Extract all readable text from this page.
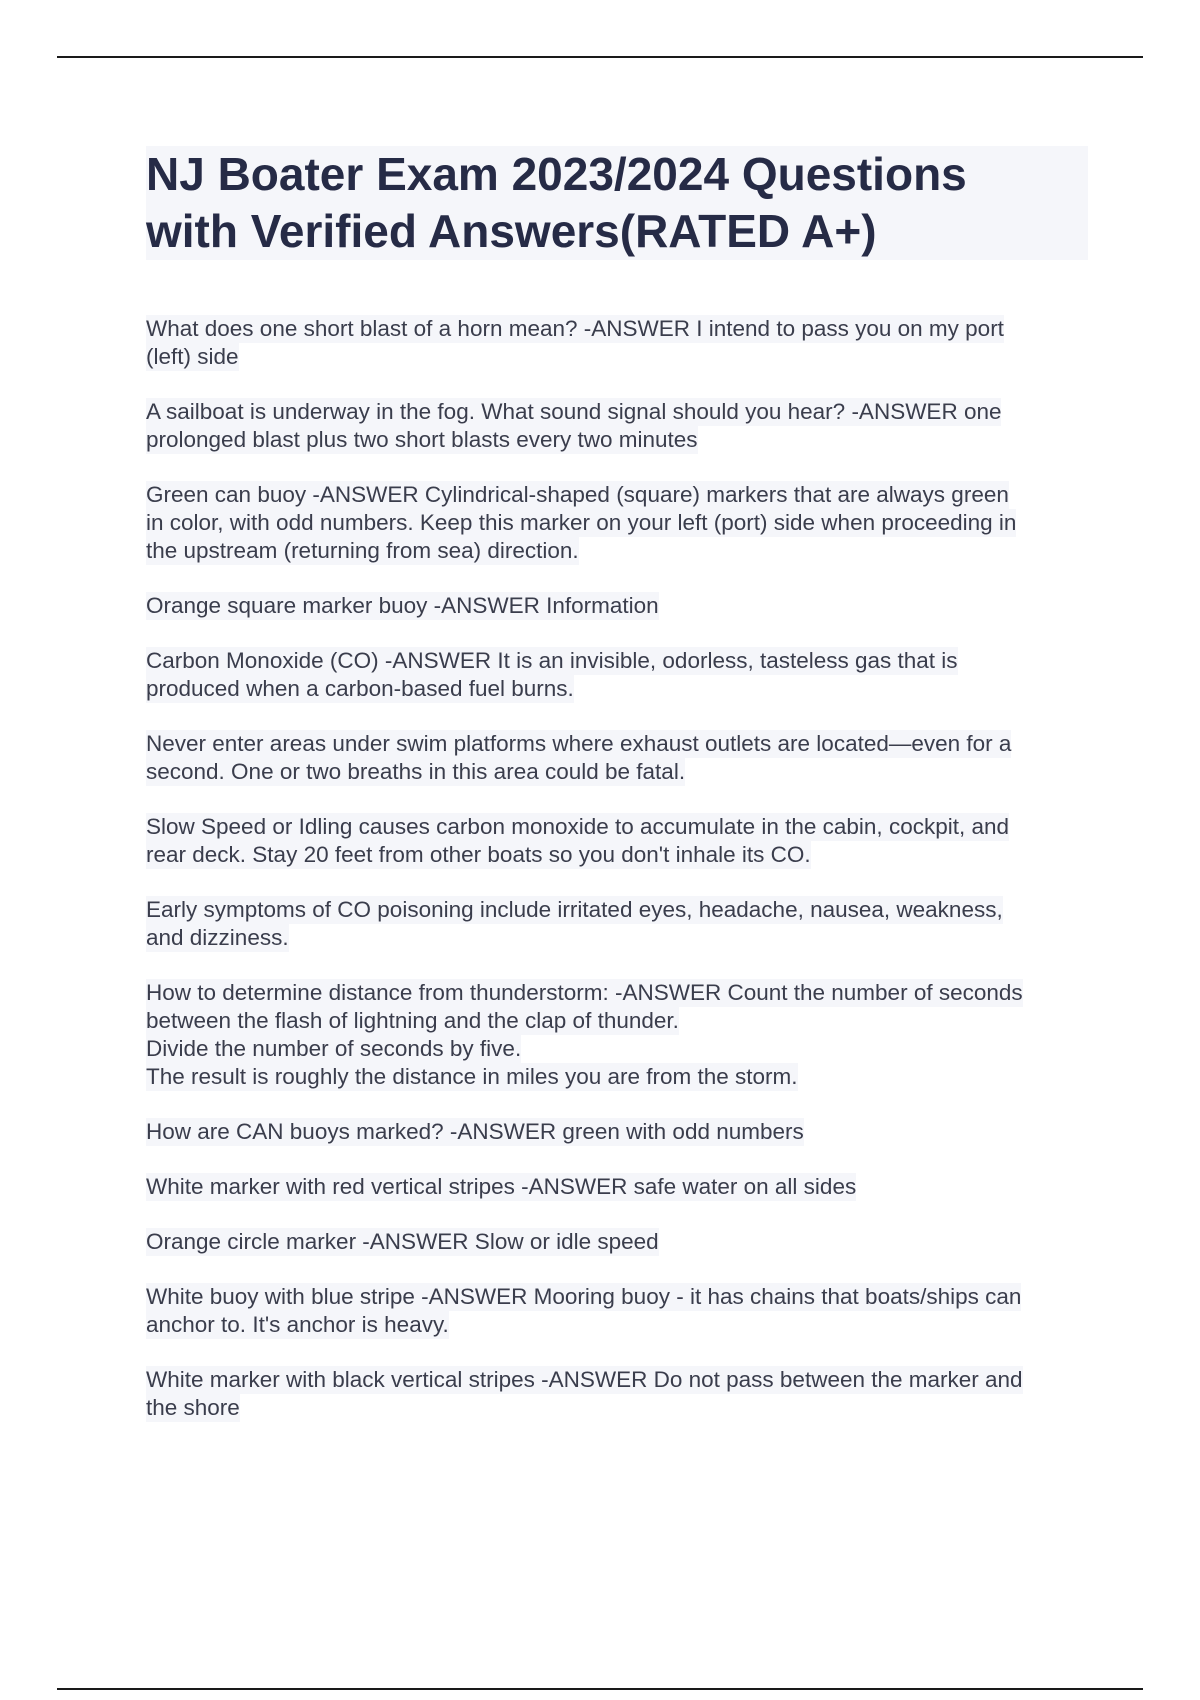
NJ Boater Exam 2023/2024 Questions
with Verified Answers(RATED A+)

What does one short blast of a horn mean? -ANSWER I intend to pass you on my port
(left) side

A sailboat is underway in the fog. What sound signal should you hear? -ANSWER one
prolonged blast plus two short blasts every two minutes

Green can buoy -ANSWER Cylindrical-shaped (square) markers that are always green
in color, with odd numbers. Keep this marker on your left (port) side when proceeding in
the upstream (returning from sea) direction.

Orange square marker buoy -ANSWER Information

Carbon Monoxide (CO) -ANSWER It is an invisible, odorless, tasteless gas that is
produced when a carbon-based fuel burns.

Never enter areas under swim platforms where exhaust outlets are located—even for a
second. One or two breaths in this area could be fatal.

Slow Speed or Idling causes carbon monoxide to accumulate in the cabin, cockpit, and
rear deck. Stay 20 feet from other boats so you don't inhale its CO.

Early symptoms of CO poisoning include irritated eyes, headache, nausea, weakness,
and dizziness.

How to determine distance from thunderstorm: -ANSWER Count the number of seconds
between the flash of lightning and the clap of thunder.
Divide the number of seconds by five.
The result is roughly the distance in miles you are from the storm.

How are CAN buoys marked? -ANSWER green with odd numbers

White marker with red vertical stripes -ANSWER safe water on all sides

Orange circle marker -ANSWER Slow or idle speed

White buoy with blue stripe -ANSWER Mooring buoy - it has chains that boats/ships can
anchor to. It's anchor is heavy.

White marker with black vertical stripes -ANSWER Do not pass between the marker and
the shore
